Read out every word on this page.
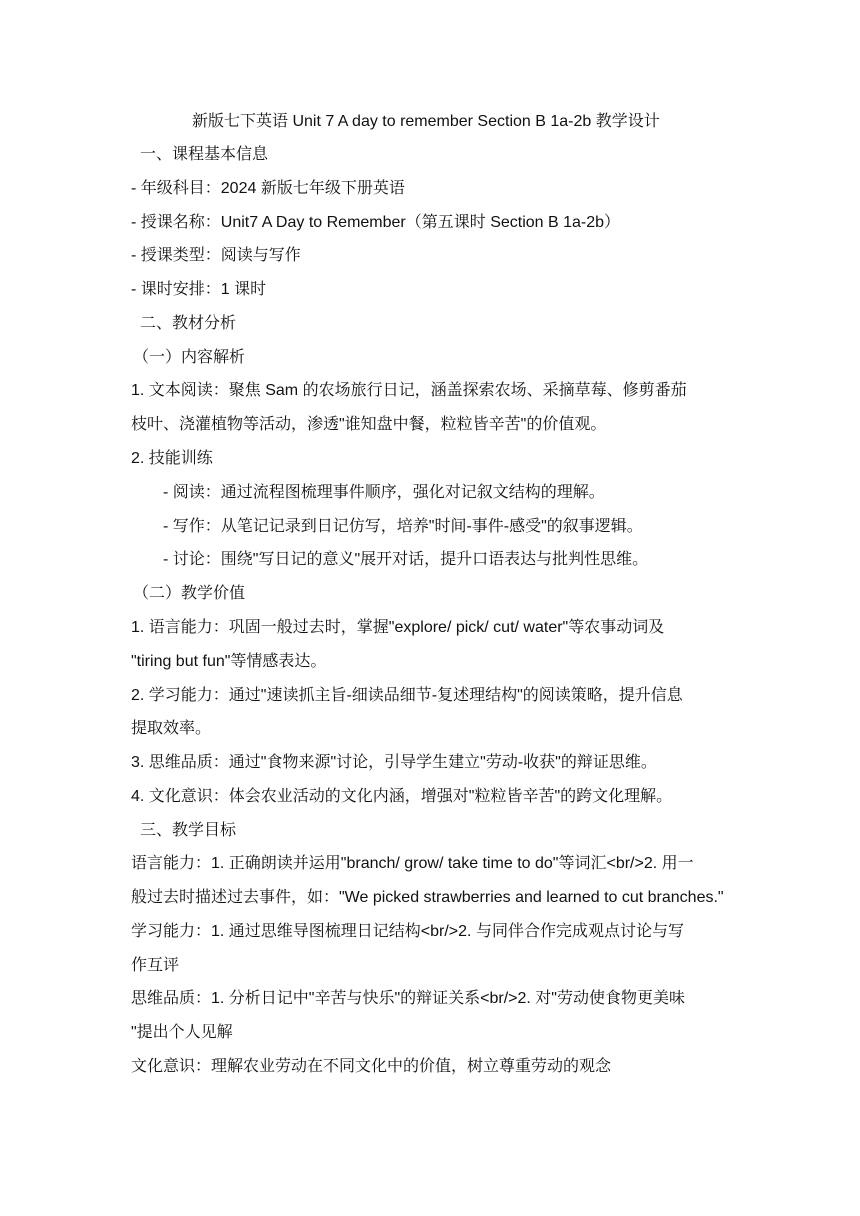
新版七下英语 Unit 7 A day to remember Section B 1a-2b 教学设计
一、课程基本信息
- 年级科目：2024 新版七年级下册英语
- 授课名称：Unit7 A Day to Remember（第五课时 Section B 1a-2b）
- 授课类型：阅读与写作
- 课时安排：1 课时
二、教材分析
（一）内容解析
1. 文本阅读：聚焦 Sam 的农场旅行日记，涵盖探索农场、采摘草莓、修剪番茄
枝叶、浇灌植物等活动，渗透"谁知盘中餐，粒粒皆辛苦"的价值观。
2. 技能训练
- 阅读：通过流程图梳理事件顺序，强化对记叙文结构的理解。
- 写作：从笔记记录到日记仿写，培养"时间-事件-感受"的叙事逻辑。
- 讨论：围绕"写日记的意义"展开对话，提升口语表达与批判性思维。
（二）教学价值
1. 语言能力：巩固一般过去时，掌握"explore/ pick/ cut/ water"等农事动词及
"tiring but fun"等情感表达。
2. 学习能力：通过"速读抓主旨-细读品细节-复述理结构"的阅读策略，提升信息
提取效率。
3. 思维品质：通过"食物来源"讨论，引导学生建立"劳动-收获"的辩证思维。
4. 文化意识：体会农业活动的文化内涵，增强对"粒粒皆辛苦"的跨文化理解。
三、教学目标
语言能力：1. 正确朗读并运用"branch/ grow/ take time to do"等词汇<br/>2. 用一
般过去时描述过去事件，如："We picked strawberries and learned to cut branches."
学习能力：1. 通过思维导图梳理日记结构<br/>2. 与同伴合作完成观点讨论与写
作互评
思维品质：1. 分析日记中"辛苦与快乐"的辩证关系<br/>2. 对"劳动使食物更美味
"提出个人见解
文化意识：理解农业劳动在不同文化中的价值，树立尊重劳动的观念
